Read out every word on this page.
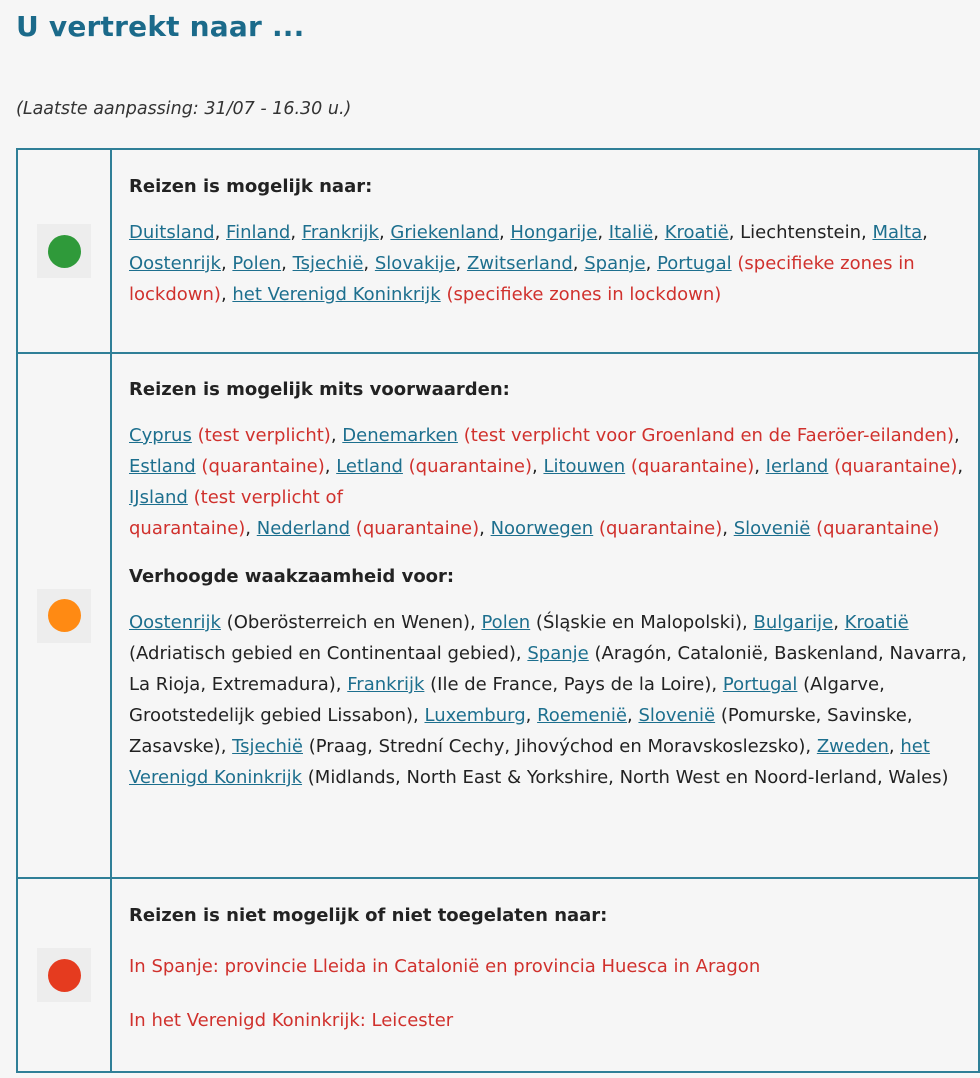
U vertrekt naar ...

(Laatste aanpassing: 31/07 - 16.30 u.)

	Reizen is mogelijk naar:

Duitsland, Finland, Frankrijk, Griekenland, Hongarije, Italië, Kroatië, Liechtenstein, Malta, Oostenrijk, Polen, Tsjechië, Slovakije, Zwitserland, Spanje, Portugal (specifieke zones in lockdown), het Verenigd Koninkrijk (specifieke zones in lockdown)

	Reizen is mogelijk mits voorwaarden:

Cyprus (test verplicht), Denemarken (test verplicht voor Groenland en de Faeröer-eilanden), Estland (quarantaine), Letland (quarantaine), Litouwen (quarantaine), Ierland (quarantaine), IJsland (test verplicht of
quarantaine), Nederland (quarantaine), Noorwegen (quarantaine), Slovenië (quarantaine)

Verhoogde waakzaamheid voor:

Oostenrijk (Oberösterreich en Wenen), Polen (Śląskie en Malopolski), Bulgarije, Kroatië (Adriatisch gebied en Continentaal gebied), Spanje (Aragón, Catalonië, Baskenland, Navarra, La Rioja, Extremadura), Frankrijk (Ile de France, Pays de la Loire), Portugal (Algarve, Grootstedelijk gebied Lissabon), Luxemburg, Roemenië, Slovenië (Pomurske, Savinske, Zasavske), Tsjechië (Praag, Strední Cechy, Jihovýchod en Moravskoslezsko), Zweden, het Verenigd Koninkrijk (Midlands, North East & Yorkshire, North West en Noord-Ierland, Wales)

	Reizen is niet mogelijk of niet toegelaten naar:

In Spanje: provincie Lleida in Catalonië en provincia Huesca in Aragon

In het Verenigd Koninkrijk: Leicester
